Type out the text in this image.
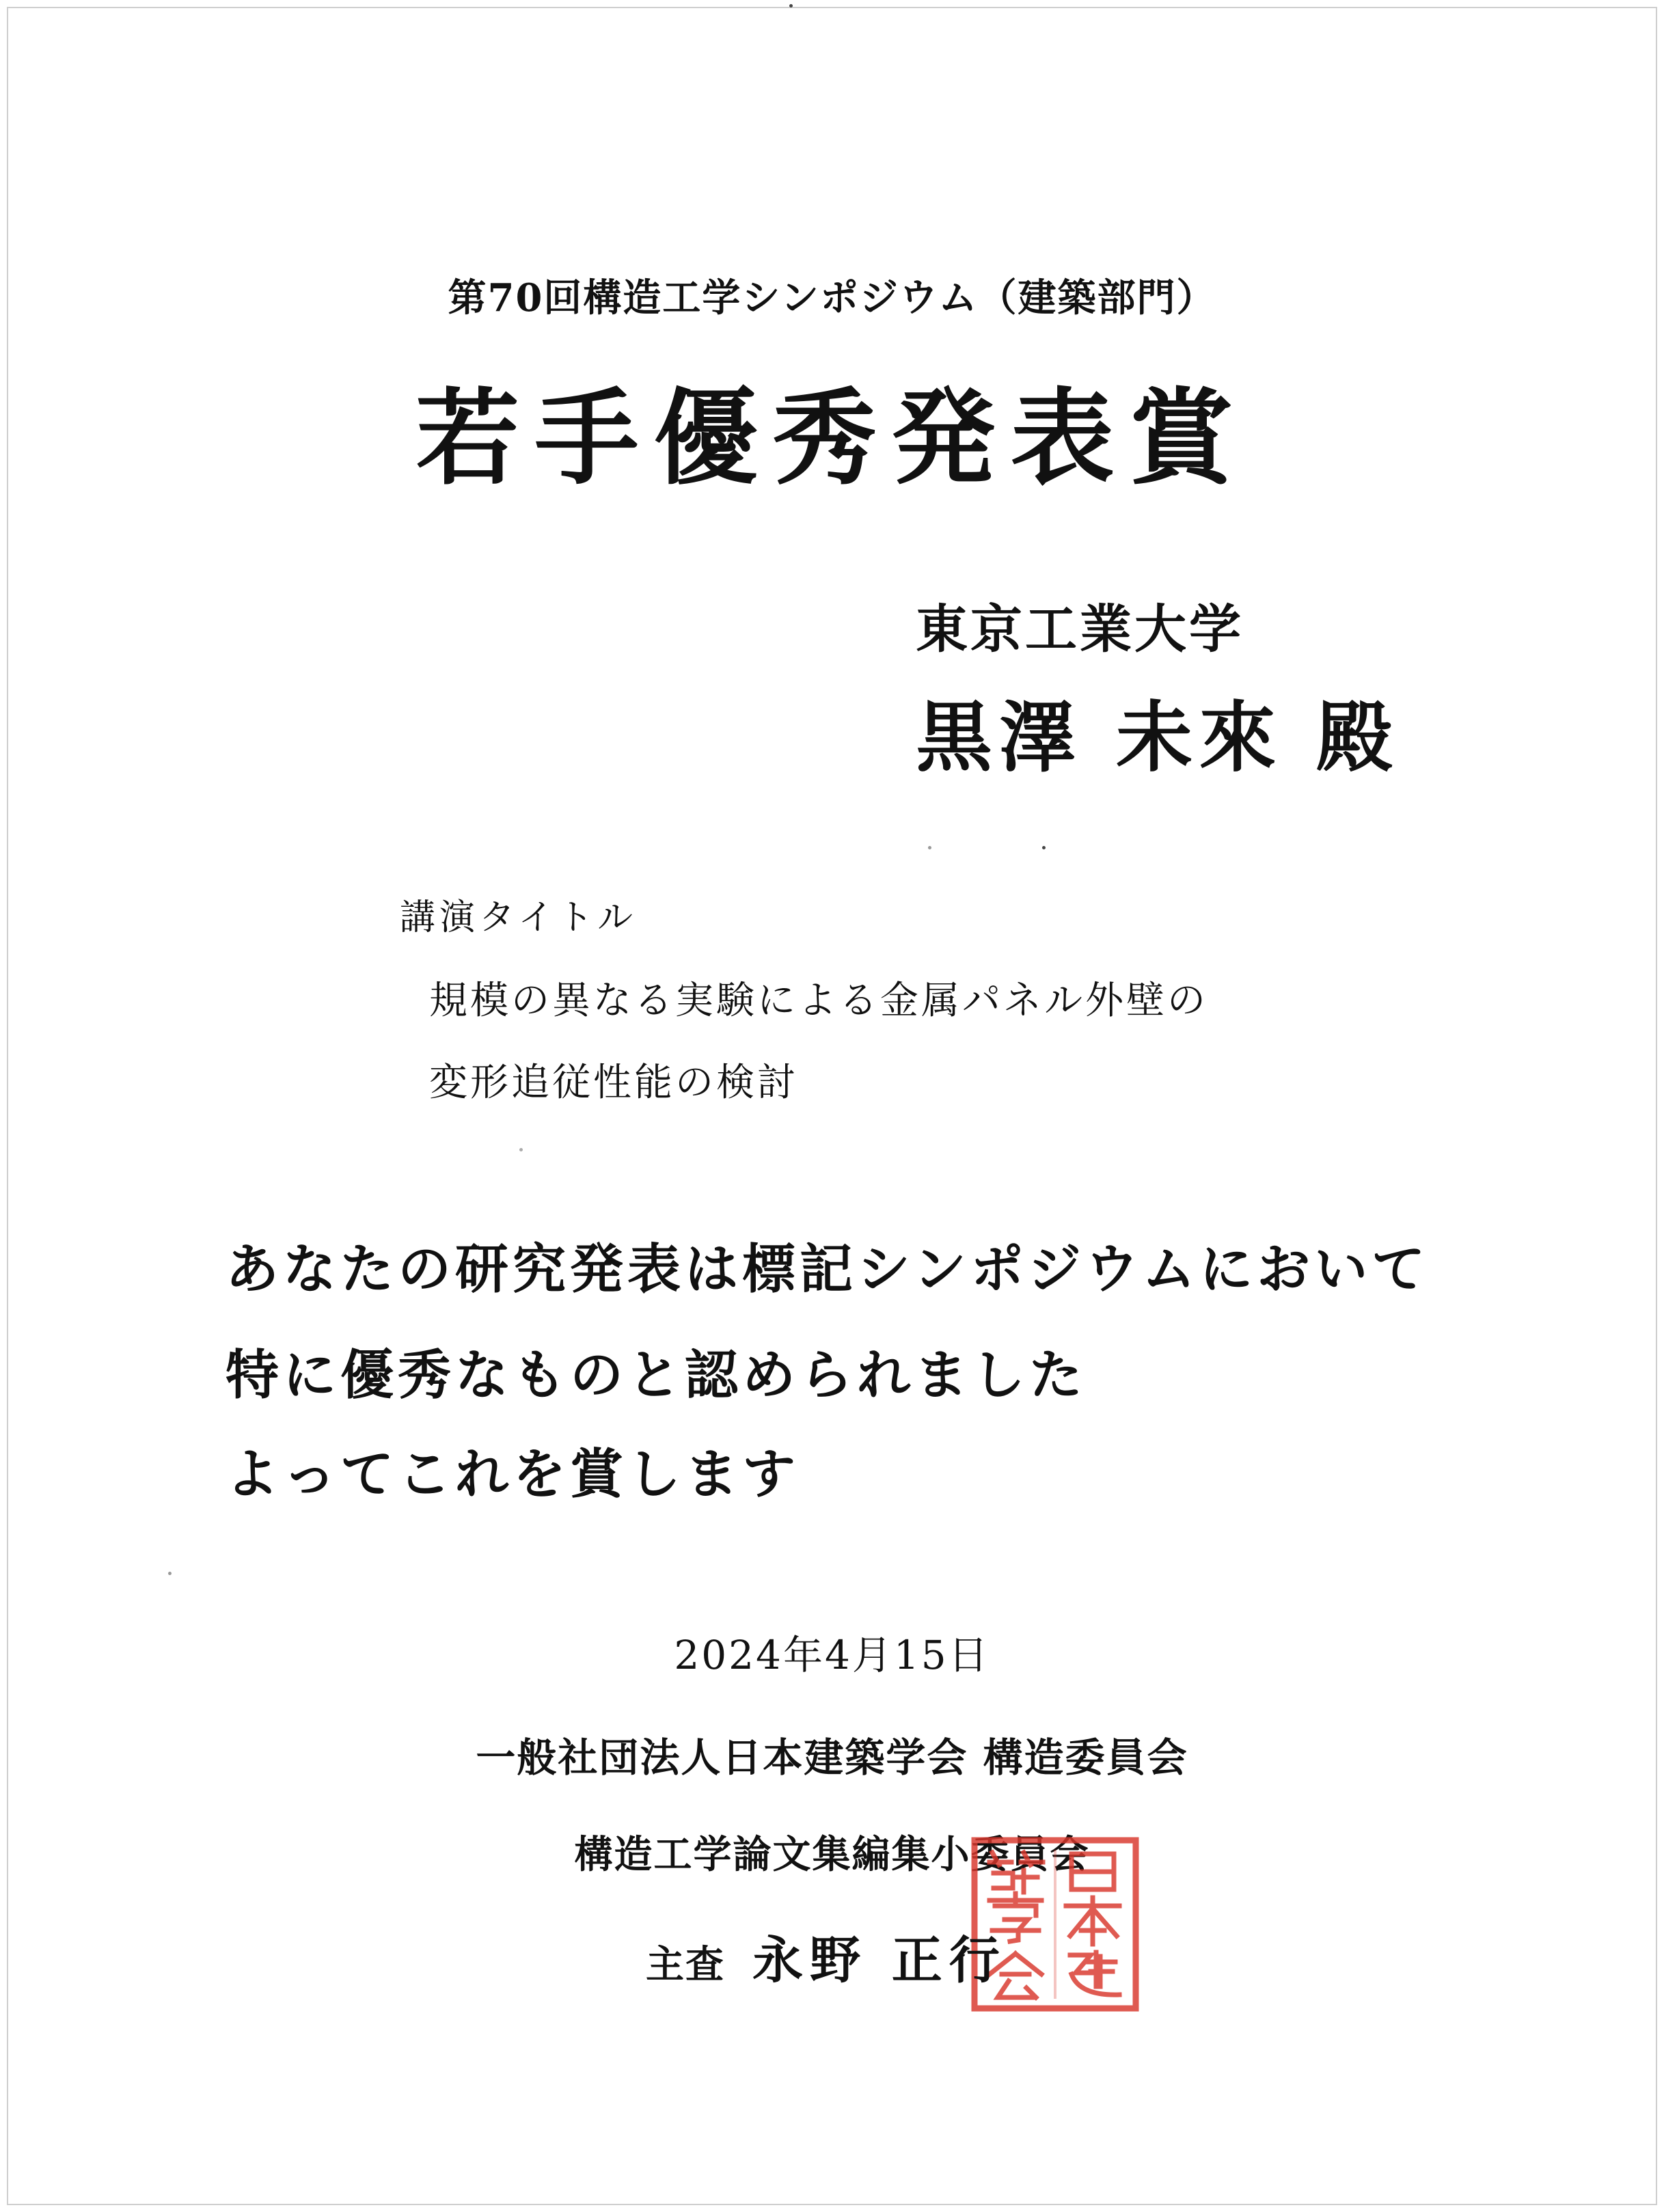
第70回構造工学シンポジウム（建築部門）
若手優秀発表賞
東京工業大学
黒澤 未來 殿
講演タイトル
規模の異なる実験による金属パネル外壁の
変形追従性能の検討
あなたの研究発表は標記シンポジウムにおいて
特に優秀なものと認められました
よってこれを賞します
2024年4月15日
一般社団法人日本建築学会 構造委員会
構造工学論文集編集小委員会
主査 永野 正行
